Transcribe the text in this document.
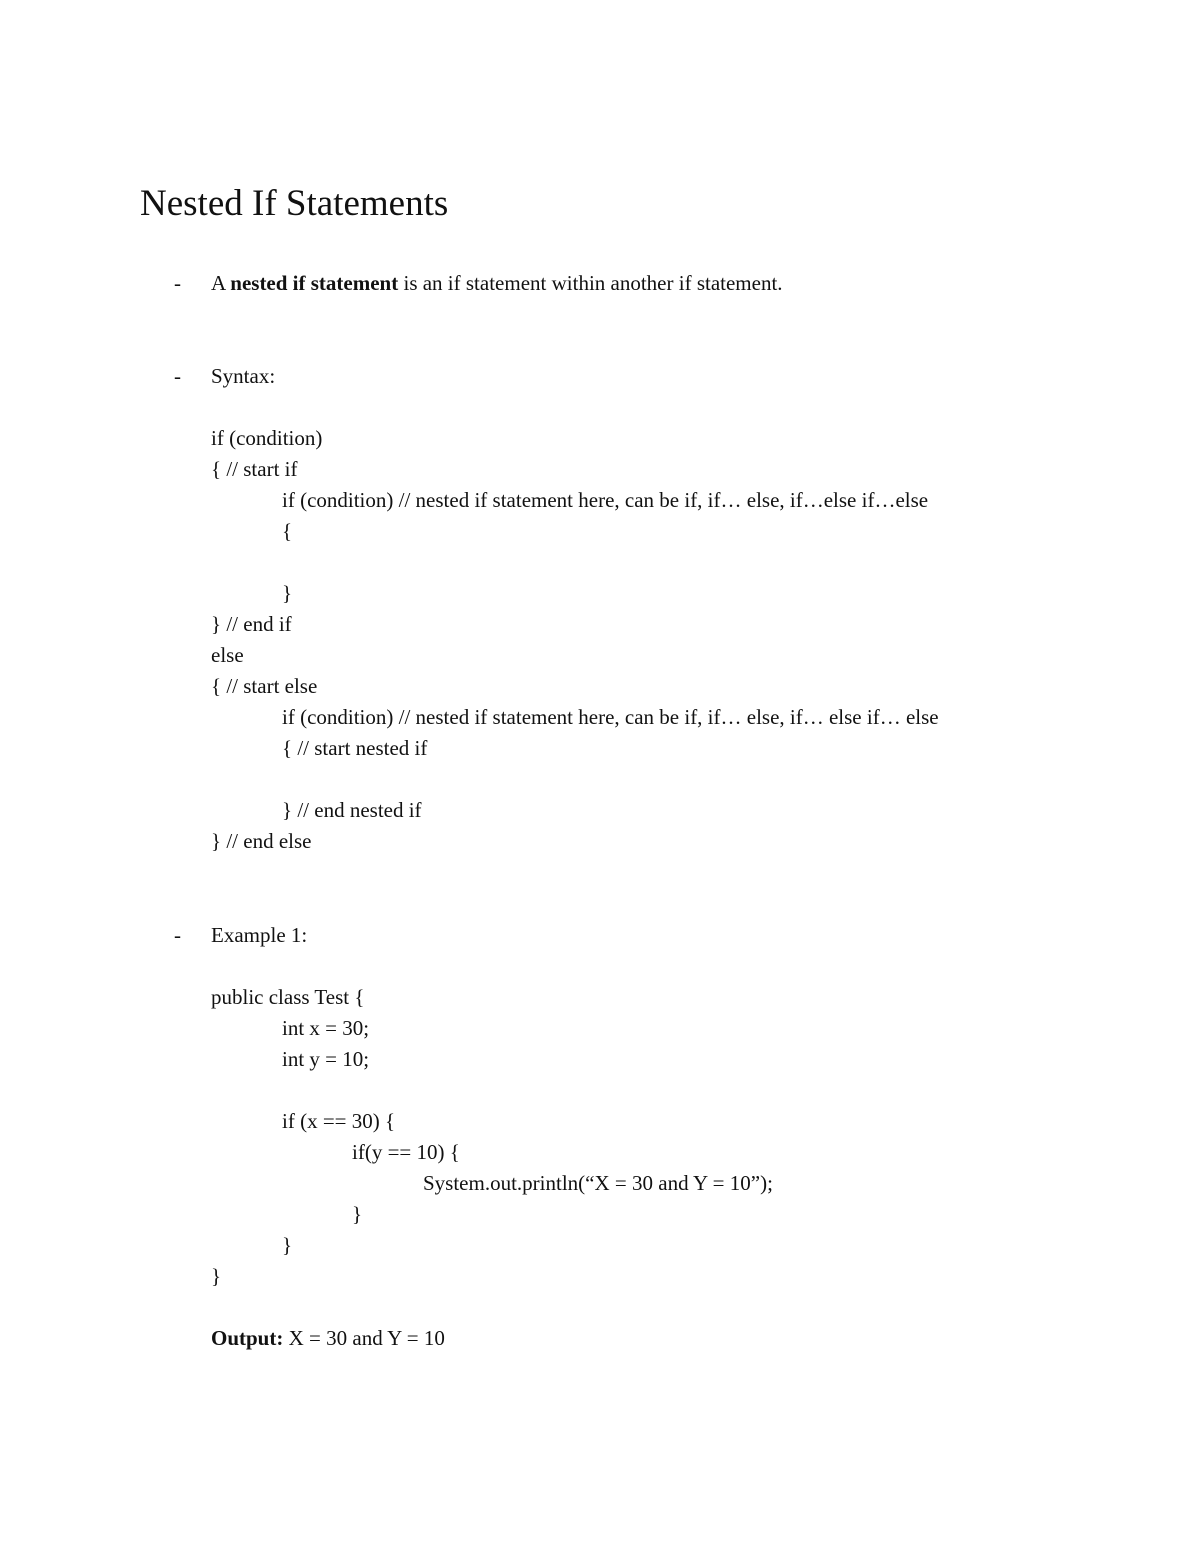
Nested If Statements
- A nested if statement is an if statement within another if statement.
- Syntax:
if (condition)
{ // start if
if (condition) // nested if statement here, can be if, if… else, if…else if…else
{
}
} // end if
else
{ // start else
if (condition) // nested if statement here, can be if, if… else, if… else if… else
{ // start nested if
} // end nested if
} // end else
- Example 1:
public class Test {
int x = 30;
int y = 10;
if (x == 30) {
if(y == 10) {
System.out.println(“X = 30 and Y = 10”);
}
}
}
Output: X = 30 and Y = 10
